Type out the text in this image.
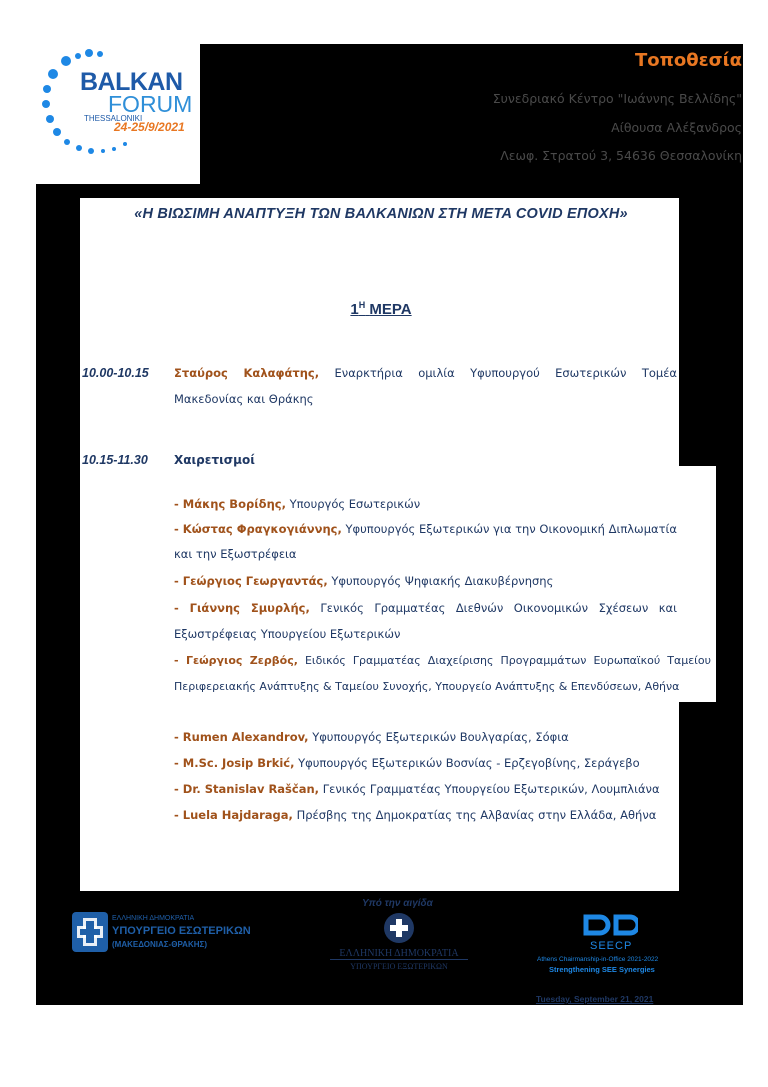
BALKAN
FORUM
THESSALONIKI
24-25/9/2021
Τοποθεσία
Συνεδριακό Κέντρο "Ιωάννης Βελλίδης"
Αίθουσα Αλέξανδρος
Λεωφ. Στρατού 3, 54636 Θεσσαλονίκη
«Η ΒΙΩΣΙΜΗ ΑΝΑΠΤΥΞΗ ΤΩΝ ΒΑΛΚΑΝΙΩΝ ΣΤΗ ΜΕΤΑ COVID ΕΠΟΧΗ»
$1^H$ ΜΕΡΑ
10.00-10.15 Σταύρος Καλαφάτης, Εναρκτήρια ομιλία Υφυπουργού Εσωτερικών Τομέα
Μακεδονίας και Θράκης
10.15-11.30 Χαιρετισμοί
- Μάκης Βορίδης, Υπουργός Εσωτερικών
- Κώστας Φραγκογιάννης, Υφυπουργός Εξωτερικών για την Οικονομική Διπλωματία
και την Εξωστρέφεια
- Γεώργιος Γεωργαντάς, Υφυπουργός Ψηφιακής Διακυβέρνησης
- Γιάννης Σμυρλής, Γενικός Γραμματέας Διεθνών Οικονομικών Σχέσεων και
Εξωστρέφειας Υπουργείου Εξωτερικών
- Γεώργιος Ζερβός, Ειδικός Γραμματέας Διαχείρισης Προγραμμάτων Ευρωπαϊκού Ταμείου
Περιφερειακής Ανάπτυξης & Ταμείου Συνοχής, Υπουργείο Ανάπτυξης & Επενδύσεων, Αθήνα
- Rumen Alexandrov, Υφυπουργός Εξωτερικών Βουλγαρίας, Σόφια
- M.Sc. Josip Brkić, Υφυπουργός Εξωτερικών Βοσνίας - Ερζεγοβίνης, Σεράγεβο
- Dr. Stanislav Raščan, Γενικός Γραμματέας Υπουργείου Εξωτερικών, Λουμπλιάνα
- Luela Hajdaraga, Πρέσβης της Δημοκρατίας της Αλβανίας στην Ελλάδα, Αθήνα
Υπό την αιγίδα
ΕΛΛΗΝΙΚΗ ΔΗΜΟΚΡΑΤΙΑ
ΥΠΟΥΡΓΕΙΟ ΕΣΩΤΕΡΙΚΩΝ
(ΜΑΚΕΔΟΝΙΑΣ-ΘΡΑΚΗΣ)
ΕΛΛΗΝΙΚΗ ΔΗΜΟΚΡΑΤΙΑ
ΥΠΟΥΡΓΕΙΟ ΕΞΩΤΕΡΙΚΩΝ
SEECP
Athens Chairmanship-in-Office 2021-2022
Strengthening SEE Synergies
Tuesday, September 21, 2021
